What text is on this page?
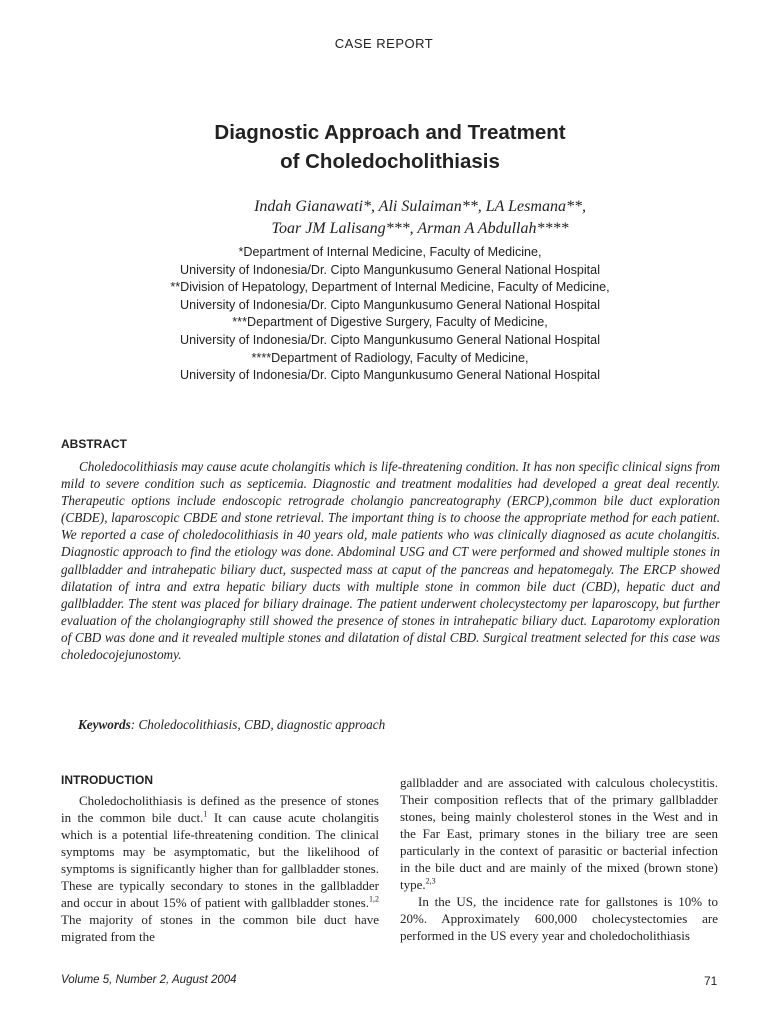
CASE REPORT
Diagnostic Approach and Treatment
of Choledocholithiasis
Indah Gianawati*, Ali Sulaiman**, LA Lesmana**,
Toar JM Lalisang***, Arman A Abdullah****
*Department of Internal Medicine, Faculty of Medicine,
University of Indonesia/Dr. Cipto Mangunkusumo General National Hospital
**Division of Hepatology, Department of Internal Medicine, Faculty of Medicine,
University of Indonesia/Dr. Cipto Mangunkusumo General National Hospital
***Department of Digestive Surgery, Faculty of Medicine,
University of Indonesia/Dr. Cipto Mangunkusumo General National Hospital
****Department of Radiology, Faculty of Medicine,
University of Indonesia/Dr. Cipto Mangunkusumo General National Hospital
ABSTRACT

Choledocolithiasis may cause acute cholangitis which is life-threatening condition. It has non specific clinical signs from mild to severe condition such as septicemia. Diagnostic and treatment modalities had developed a great deal recently. Therapeutic options include endoscopic retrograde cholangio pancreatography (ERCP),common bile duct exploration (CBDE), laparoscopic CBDE and stone retrieval. The important thing is to choose the appropriate method for each patient. We reported a case of choledocolithiasis in 40 years old, male patients who was clinically diagnosed as acute cholangitis. Diagnostic approach to find the etiology was done. Abdominal USG and CT were performed and showed multiple stones in gallbladder and intrahepatic biliary duct, suspected mass at caput of the pancreas and hepatomegaly. The ERCP showed dilatation of intra and extra hepatic biliary ducts with multiple stone in common bile duct (CBD), hepatic duct and gallbladder. The stent was placed for biliary drainage. The patient underwent cholecystectomy per laparoscopy, but further evaluation of the cholangiography still showed the presence of stones in intrahepatic biliary duct. Laparotomy exploration of CBD was done and it revealed multiple stones and dilatation of distal CBD. Surgical treatment selected for this case was choledocojejunostomy.

Keywords: Choledocolithiasis, CBD, diagnostic approach
INTRODUCTION

Choledocholithiasis is defined as the presence of stones in the common bile duct.$^1$ It can cause acute cholangitis which is a potential life-threatening condition. The clinical symptoms may be asymptomatic, but the likelihood of symptoms is significantly higher than for gallbladder stones. These are typically secondary to stones in the gallbladder and occur in about 15% of patient with gallbladder stones.$^{1,2}$ The majority of stones in the common bile duct have migrated from the

gallbladder and are associated with calculous cholecystitis. Their composition reflects that of the primary gallbladder stones, being mainly cholesterol stones in the West and in the Far East, primary stones in the biliary tree are seen particularly in the context of parasitic or bacterial infection in the bile duct and are mainly of the mixed (brown stone) type.$^{2,3}$
In the US, the incidence rate for gallstones is 10% to 20%. Approximately 600,000 cholecystectomies are performed in the US every year and choledocholithiasis

Volume 5, Number 2, August 2004	71
